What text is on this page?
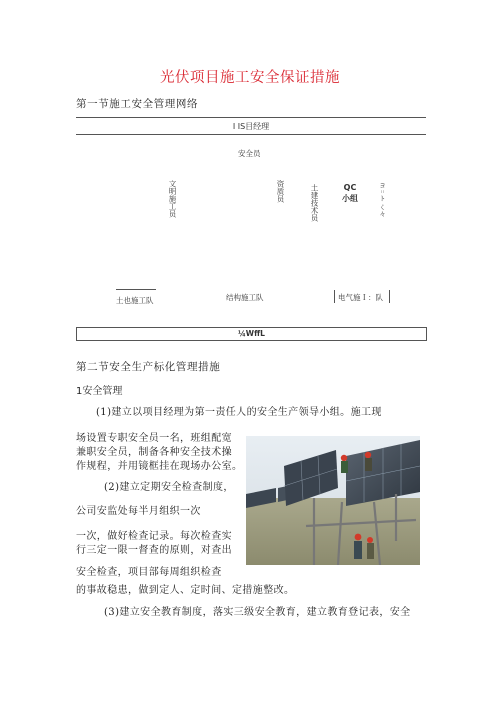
光伏项目施工安全保证措施
第一节施工安全管理网络
I IS目经理
安全员
文明施工员	资质员	土建技术员	QC小组	ヨ゠ト く々
土也施工队	结构施工队	电气施Ｉ：队
¼WffL
第二节安全生产标化管理措施
1安全管理
(1)建立以项目经理为第一责任人的安全生产领导小组。施工现
场设置专职安全员一名，班组配宽
兼职安全员，制备各种安全技术操
作规程，并用镜框挂在现场办公室。
(2)建立定期安全检查制度，
公司安监处每半月组织一次
一次，做好检查记录。每次检查实
行三定一限一督查的原则，对查出
安全检查，项目部每周组织检查
的事故稳患，做到定人、定时间、定措施整改。
(3)建立安全教育制度，落实三级安全教育，建立教育登记表，安全
